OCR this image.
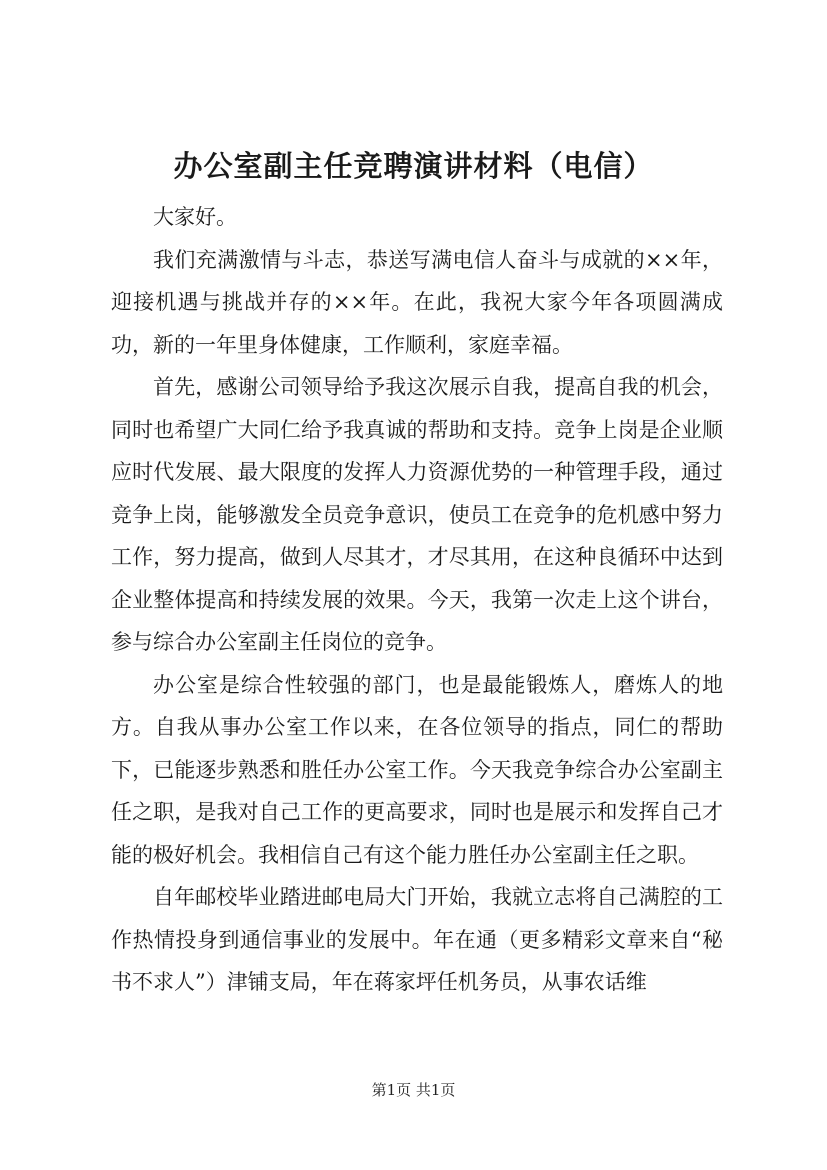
办公室副主任竞聘演讲材料（电信）

大家好。

我们充满激情与斗志，恭送写满电信人奋斗与成就的××年，迎接机遇与挑战并存的××年。在此，我祝大家今年各项圆满成功，新的一年里身体健康，工作顺利，家庭幸福。

首先，感谢公司领导给予我这次展示自我，提高自我的机会，同时也希望广大同仁给予我真诚的帮助和支持。竞争上岗是企业顺应时代发展、最大限度的发挥人力资源优势的一种管理手段，通过竞争上岗，能够激发全员竞争意识，使员工在竞争的危机感中努力工作，努力提高，做到人尽其才，才尽其用，在这种良循环中达到企业整体提高和持续发展的效果。今天，我第一次走上这个讲台，参与综合办公室副主任岗位的竞争。

办公室是综合性较强的部门，也是最能锻炼人，磨炼人的地方。自我从事办公室工作以来，在各位领导的指点，同仁的帮助下，已能逐步熟悉和胜任办公室工作。今天我竞争综合办公室副主任之职，是我对自己工作的更高要求，同时也是展示和发挥自己才能的极好机会。我相信自己有这个能力胜任办公室副主任之职。

自年邮校毕业踏进邮电局大门开始，我就立志将自己满腔的工作热情投身到通信事业的发展中。年在通（更多精彩文章来自“秘书不求人”）津铺支局，年在蒋家坪任机务员，从事农话维

第1页 共1页
